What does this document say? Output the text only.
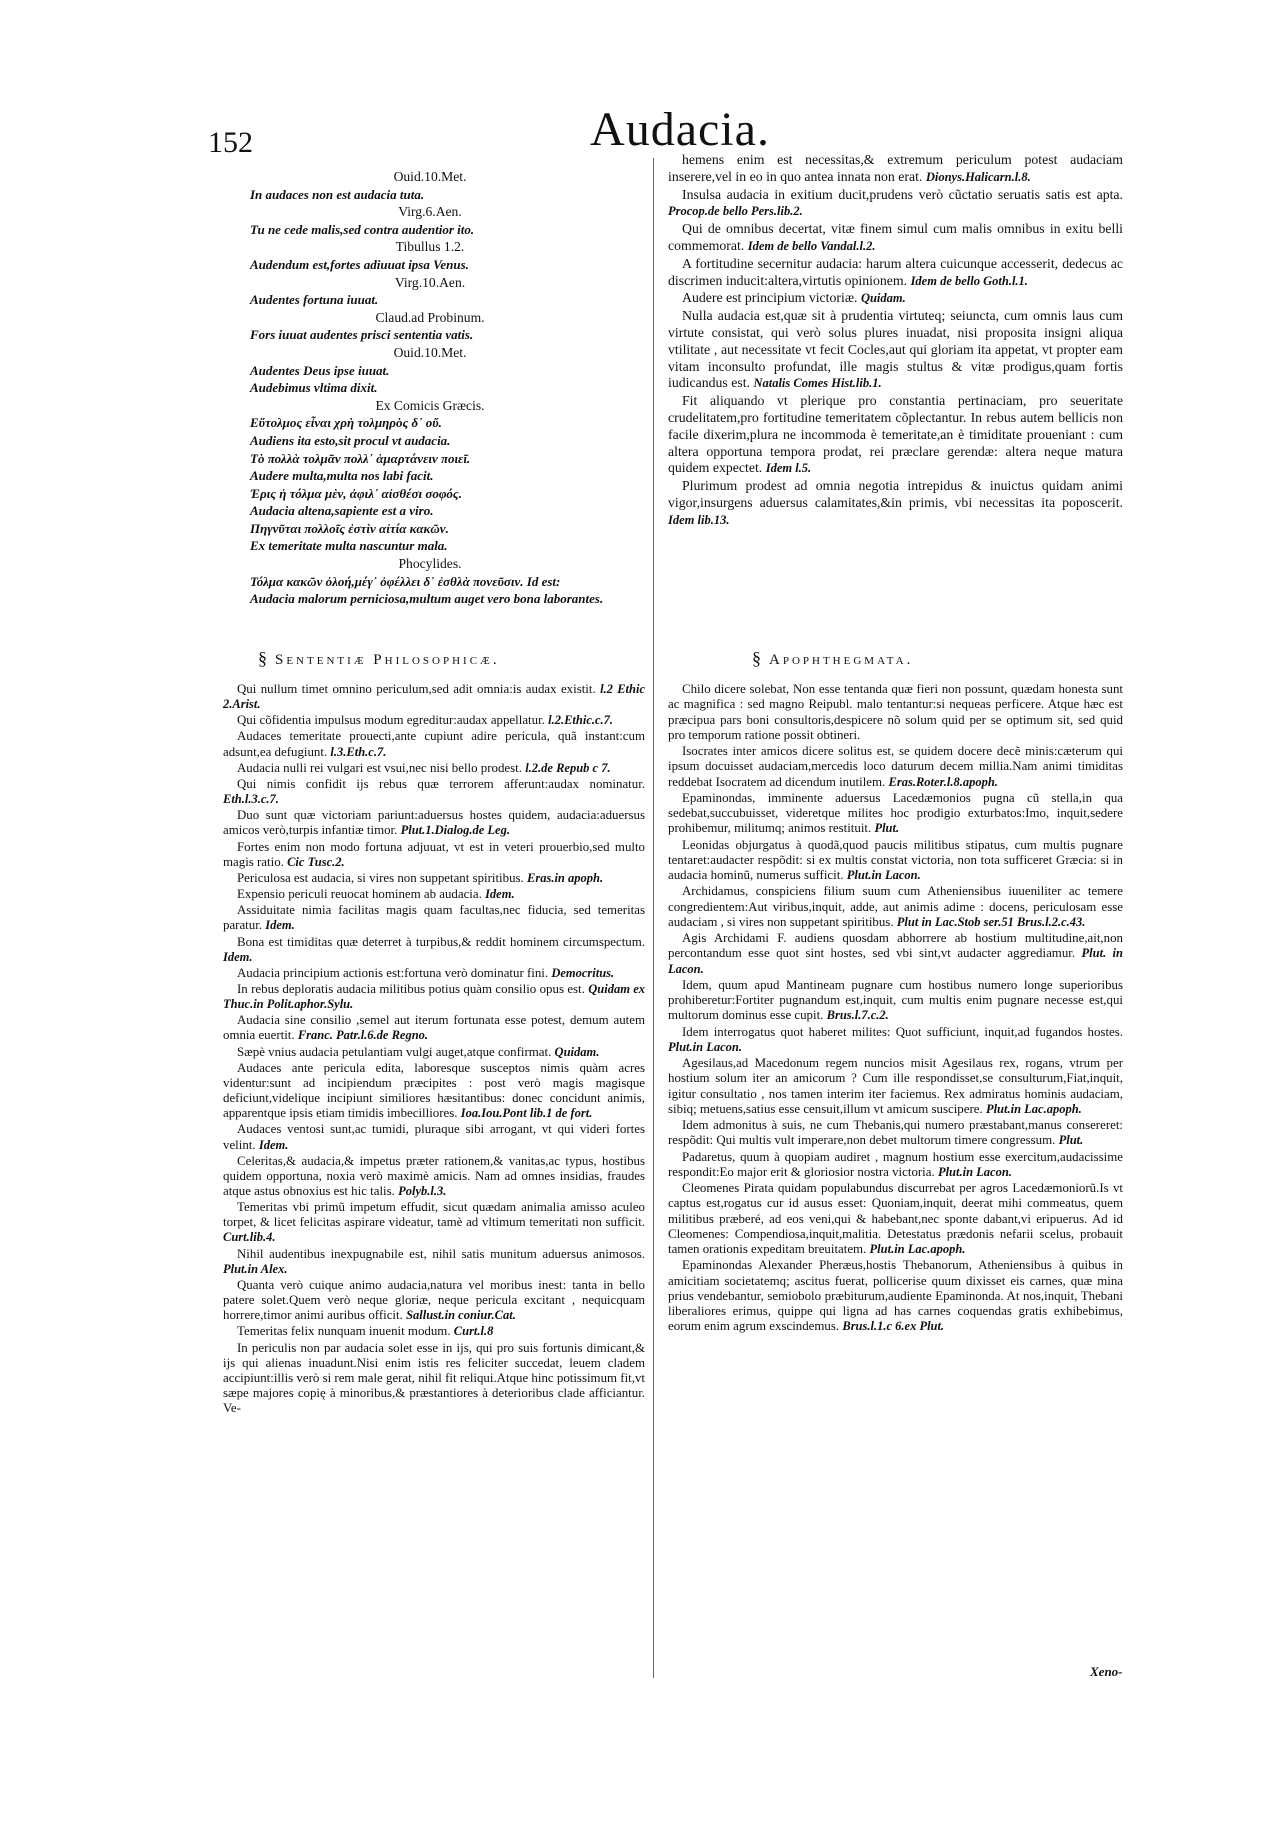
152	Audacia.
Ouid.10.Met.
In audaces non est audacia tuta.
Virg.6.Aen.
Tu ne cede malis,sed contra audentior ito.
Tibullus 1.2.
Audendum est,fortes adiuuat ipsa Venus.
Virg.10.Aen.
Audentes fortuna iuuat.
Claud.ad Probinum.
Fors iuuat audentes prisci sententia vatis.
Ouid.10.Met.
Audentes Deus ipse iuuat.
Audebimus vltima dixit.
Ex Comicis Græcis.
Εὔτολμος εἶναι χρὴ τολμηρὸς δ᾽ οὔ.
Audiens ita esto,sit procul vt audacia.
Τὸ πολλὰ τολμᾶν πολλ᾽ ἁμαρτάνειν ποιεῖ.
Audere multa,multa nos labi facit.
Ἐρις ἡ τόλμα μὲν, ἀφιλ᾽ αἰσθέσι σοφός.
Audacia altena,sapiente est a viro.
Πηγνῦται πολλοῖς ἐστὶν αἰτία κακῶν.
Ex temeritate multa nascuntur mala.
Phocylides.
Τόλμα κακῶν ὀλοή,μέγ᾽ ὀφέλλει δ᾽ ἐσθλὰ πονεῦσιν. Id est:
Audacia malorum perniciosa,multum auget vero bona laborantes.

hemens enim est necessitas,& extremum periculum potest audaciam inserere,vel in eo in quo antea innata non erat. Dionys.Halicarn.l.8.

Insulsa audacia in exitium ducit,prudens verò cũctatio seruatis satis est apta. Procop.de bello Pers.lib.2.

Qui de omnibus decertat, vitæ finem simul cum malis omnibus in exitu belli commemorat. Idem de bello Vandal.l.2.

A fortitudine secernitur audacia: harum altera cuicunque accesserit, dedecus ac discrimen inducit:altera,virtutis opinionem. Idem de bello Goth.l.1.

Audere est principium victoriæ. Quidam.

Nulla audacia est,quæ sit à prudentia virtuteq; seiuncta, cum omnis laus cum virtute consistat, qui verò solus plures inuadat, nisi proposita insigni aliqua vtilitate , aut necessitate vt fecit Cocles,aut qui gloriam ita appetat, vt propter eam vitam inconsulto profundat, ille magis stultus & vitæ prodigus,quam fortis iudicandus est. Natalis Comes Hist.lib.1.

Fit aliquando vt plerique pro constantia pertinaciam, pro seueritate crudelitatem,pro fortitudine temeritatem cõplectantur. In rebus autem bellicis non facile dixerim,plura ne incommoda è temeritate,an è timiditate proueniant : cum altera opportuna tempora prodat, rei præclare gerendæ: altera neque matura quidem expectet. Idem l.5.

Plurimum prodest ad omnia negotia intrepidus & inuictus quidam animi vigor,insurgens aduersus calamitates,&in primis, vbi necessitas ita poposcerit. Idem lib.13.

§ Sententiæ Philosophicæ.	§ Apophthegmata.

Qui nullum timet omnino periculum,sed adit omnia:is audax existit. l.2 Ethic 2.Arist.

Qui cõfidentia impulsus modum egreditur:audax appellatur. l.2.Ethic.c.7.

Audaces temeritate prouecti,ante cupiunt adire pericula, quã instant:cum adsunt,ea defugiunt. l.3.Eth.c.7.

Audacia nulli rei vulgari est vsui,nec nisi bello prodest. l.2.de Repub c 7.

Qui nimis confidit ijs rebus quæ terrorem afferunt:audax nominatur. Eth.l.3.c.7.

Duo sunt quæ victoriam pariunt:aduersus hostes quidem, audacia:aduersus amicos verò,turpis infantiæ timor. Plut.1.Dialog.de Leg.

Fortes enim non modo fortuna adjuuat, vt est in veteri prouerbio,sed multo magis ratio. Cic Tusc.2.

Periculosa est audacia, si vires non suppetant spiritibus. Eras.in apoph.

Expensio periculi reuocat hominem ab audacia. Idem.

Assiduitate nimia facilitas magis quam facultas,nec fiducia, sed temeritas paratur. Idem.

Bona est timiditas quæ deterret à turpibus,& reddit hominem circumspectum. Idem.

Audacia principium actionis est:fortuna verò dominatur fini. Democritus.

In rebus deploratis audacia militibus potius quàm consilio opus est. Quidam ex Thuc.in Polit.aphor.Sylu.

Audacia sine consilio ,semel aut iterum fortunata esse potest, demum autem omnia euertit. Franc. Patr.l.6.de Regno.

Sæpè vnius audacia petulantiam vulgi auget,atque confirmat. Quidam.

Audaces ante pericula edita, laboresque susceptos nimis quàm acres videntur:sunt ad incipiendum præcipites : post verò magis magisque deficiunt,videlique incipiunt similiores hæsitantibus: donec concidunt animis, apparentque ipsis etiam timidis imbecilliores. Ioa.Iou.Pont lib.1 de fort.

Audaces ventosi sunt,ac tumidi, pluraque sibi arrogant, vt qui videri fortes velint. Idem.

Celeritas,& audacia,& impetus præter rationem,& vanitas,ac typus, hostibus quidem opportuna, noxia verò maximè amicis. Nam ad omnes insidias, fraudes atque astus obnoxius est hic talis. Polyb.l.3.

Temeritas vbi primũ impetum effudit, sicut quædam animalia amisso aculeo torpet, & licet felicitas aspirare videatur, tamè ad vltimum temeritati non sufficit. Curt.lib.4.

Nihil audentibus inexpugnabile est, nihil satis munitum aduersus animosos. Plut.in Alex.

Quanta verò cuique animo audacia,natura vel moribus inest: tanta in bello patere solet.Quem verò neque gloriæ, neque pericula excitant , nequicquam horrere,timor animi auribus officit. Sallust.in coniur.Cat.

Temeritas felix nunquam inuenit modum. Curt.l.8

In periculis non par audacia solet esse in ijs, qui pro suis fortunis dimicant,& ijs qui alienas inuadunt.Nisi enim istis res feliciter succedat, leuem cladem accipiunt:illis verò si rem male gerat, nihil fit reliqui.Atque hinc potissimum fit,vt sæpe majores copię à minoribus,& præstantiores à deterioribus clade afficiantur. Ve-

Chilo dicere solebat, Non esse tentanda quæ fieri non possunt, quædam honesta sunt ac magnifica : sed magno Reipubl. malo tentantur:si nequeas perficere. Atque hæc est præcipua pars boni consultoris,despicere nõ solum quid per se optimum sit, sed quid pro temporum ratione possit obtineri.

Isocrates inter amicos dicere solitus est, se quidem docere decẽ minis:cæterum qui ipsum docuisset audaciam,mercedis loco daturum decem millia.Nam animi timiditas reddebat Isocratem ad dicendum inutilem. Eras.Roter.l.8.apoph.

Epaminondas, imminente aduersus Lacedæmonios pugna cũ stella,in qua sedebat,succubuisset, videretque milites hoc prodigio exturbatos:Imo, inquit,sedere prohibemur, militumq; animos restituit. Plut.

Leonidas objurgatus à quodã,quod paucis militibus stipatus, cum multis pugnare tentaret:audacter respõdit: si ex multis constat victoria, non tota sufficeret Græcia: si in audacia hominũ, numerus sufficit. Plut.in Lacon.

Archidamus, conspiciens filium suum cum Atheniensibus iuueniliter ac temere congredientem:Aut viribus,inquit, adde, aut animis adime : docens, periculosam esse audaciam , si vires non suppetant spiritibus. Plut in Lac.Stob ser.51 Brus.l.2.c.43.

Agis Archidami F. audiens quosdam abhorrere ab hostium multitudine,ait,non percontandum esse quot sint hostes, sed vbi sint,vt audacter aggrediamur. Plut. in Lacon.

Idem, quum apud Mantineam pugnare cum hostibus numero longe superioribus prohiberetur:Fortiter pugnandum est,inquit, cum multis enim pugnare necesse est,qui multorum dominus esse cupit. Brus.l.7.c.2.

Idem interrogatus quot haberet milites: Quot sufficiunt, inquit,ad fugandos hostes. Plut.in Lacon.

Agesilaus,ad Macedonum regem nuncios misit Agesilaus rex, rogans, vtrum per hostium solum iter an amicorum ? Cum ille respondisset,se consulturum,Fiat,inquit, igitur consultatio , nos tamen interim iter faciemus. Rex admiratus hominis audaciam, sibiq; metuens,satius esse censuit,illum vt amicum suscipere. Plut.in Lac.apoph.

Idem admonitus à suis, ne cum Thebanis,qui numero præstabant,manus consereret: respõdit: Qui multis vult imperare,non debet multorum timere congressum. Plut.

Padaretus, quum à quopiam audiret , magnum hostium esse exercitum,audacissime respondit:Eo major erit & gloriosior nostra victoria. Plut.in Lacon.

Cleomenes Pirata quidam populabundus discurrebat per agros Lacedæmoniorũ.Is vt captus est,rogatus cur id ausus esset: Quoniam,inquit, deerat mihi commeatus, quem militibus præberé, ad eos veni,qui & habebant,nec sponte dabant,vi eripuerus. Ad id Cleomenes: Compendiosa,inquit,malitia. Detestatus prædonis nefarii scelus, probauit tamen orationis expeditam breuitatem. Plut.in Lac.apoph.

Epaminondas Alexander Pheræus,hostis Thebanorum, Atheniensibus à quibus in amicitiam societatemq; ascitus fuerat, pollicerise quum dixisset eis carnes, quæ mina prius vendebantur, semiobolo præbiturum,audiente Epaminonda. At nos,inquit, Thebani liberaliores erimus, quippe qui ligna ad has carnes coquendas gratis exhibebimus, eorum enim agrum exscindemus. Brus.l.1.c 6.ex Plut.

Xeno-
